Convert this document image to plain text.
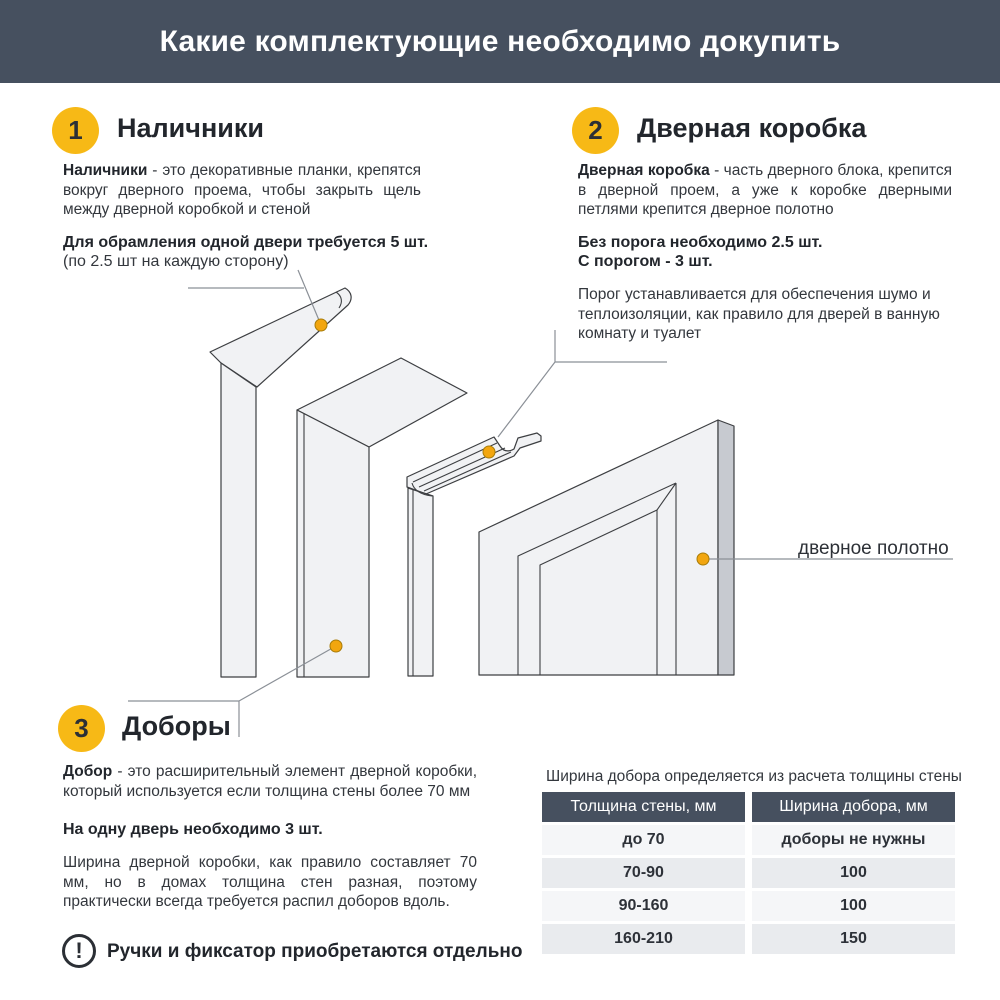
Какие комплектующие необходимо докупить
1 Наличники
Наличники - это декоративные планки, крепятся вокруг дверного проема, чтобы закрыть щель между дверной коробкой и стеной
Для обрамления одной двери требуется 5 шт.
(по 2.5 шт на каждую сторону)
2 Дверная коробка
Дверная коробка - часть дверного блока, крепится в дверной проем, а уже к коробке дверными петлями крепится дверное полотно
Без порога необходимо 2.5 шт.
С порогом - 3 шт.
Порог устанавливается для обеспечения шумо и теплоизоляции, как правило для дверей в ванную комнату и туалет
дверное полотно
3 Доборы
Добор - это расширительный элемент дверной коробки, который используется если толщина стены более 70 мм
На одну дверь необходимо 3 шт.
Ширина дверной коробки, как правило составляет 70 мм, но в домах толщина стен разная, поэтому практически всегда требуется распил доборов вдоль.
Ширина добора определяется из расчета толщины стены
Толщина стены, мм	Ширина добора, мм
до 70	доборы не нужны
70-90	100
90-160	100
160-210	150
!	Ручки и фиксатор приобретаются отдельно
